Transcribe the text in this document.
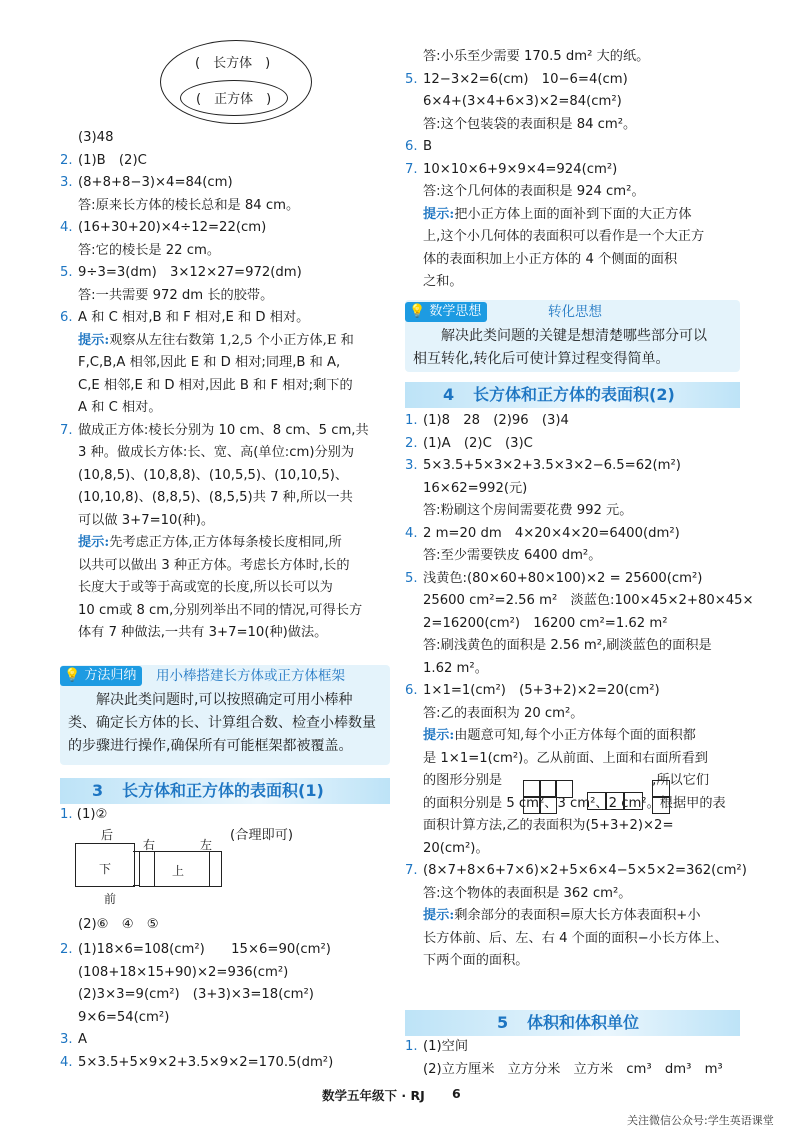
(　长方体　)
(　正方体　)
(3)48
2. (1)B　(2)C
3. (8+8+8−3)×4=84(cm)
答:原来长方体的棱长总和是 84 cm。
4. (16+30+20)×4÷12=22(cm)
答:它的棱长是 22 cm。
5. 9÷3=3(dm)　3×12×27=972(dm)
答:一共需要 972 dm 长的胶带。
6. A 和 C 相对,B 和 F 相对,E 和 D 相对。
提示:观察从左往右数第 1,2,5 个小正方体,E 和
F,C,B,A 相邻,因此 E 和 D 相对;同理,B 和 A,
C,E 相邻,E 和 D 相对,因此 B 和 F 相对;剩下的
A 和 C 相对。
7. 做成正方体:棱长分别为 10 cm、8 cm、5 cm,共
3 种。做成长方体:长、宽、高(单位:cm)分别为
(10,8,5)、(10,8,8)、(10,5,5)、(10,10,5)、
(10,10,8)、(8,8,5)、(8,5,5)共 7 种,所以一共
可以做 3+7=10(种)。
提示:先考虑正方体,正方体每条棱长度相同,所
以共可以做出 3 种正方体。考虑长方体时,长的
长度大于或等于高或宽的长度,所以长可以为
10 cm或 8 cm,分别列举出不同的情况,可得长方
体有 7 种做法,一共有 3+7=10(种)做法。
💡 方法归纳	用小棒搭建长方体或正方体框架
解决此类问题时,可以按照确定可用小棒种
类、确定长方体的长、计算组合数、检查小棒数量
的步骤进行操作,确保所有可能框架都被覆盖。
3 长方体和正方体的表面积(1)
1. (1)②
后
右	左
下	上
前
(合理即可)
(2)⑥　④　⑤
2. (1)18×6=108(cm²)　　15×6=90(cm²)
(108+18×15+90)×2=936(cm²)
(2)3×3=9(cm²)　(3+3)×3=18(cm²)
9×6=54(cm²)
3. A
4. 5×3.5+5×9×2+3.5×9×2=170.5(dm²)
答:小乐至少需要 170.5 dm² 大的纸。
5. 12−3×2=6(cm)　10−6=4(cm)
6×4+(3×4+6×3)×2=84(cm²)
答:这个包装袋的表面积是 84 cm²。
6. B
7. 10×10×6+9×9×4=924(cm²)
答:这个几何体的表面积是 924 cm²。
提示:把小正方体上面的面补到下面的大正方体
上,这个小几何体的表面积可以看作是一个大正方
体的表面积加上小正方体的 4 个侧面的面积
之和。
💡 数学思想	转化思想
解决此类问题的关键是想清楚哪些部分可以
相互转化,转化后可使计算过程变得简单。
4 长方体和正方体的表面积(2)
1. (1)8　28　(2)96　(3)4
2. (1)A　(2)C　(3)C
3. 5×3.5+5×3×2+3.5×3×2−6.5=62(m²)
16×62=992(元)
答:粉刷这个房间需要花费 992 元。
4. 2 m=20 dm　4×20×4×20=6400(dm²)
答:至少需要铁皮 6400 dm²。
5. 浅黄色:(80×60+80×100)×2 = 25600(cm²)
25600 cm²=2.56 m²　淡蓝色:100×45×2+80×45×
2=16200(cm²)　16200 cm²=1.62 m²
答:刷浅黄色的面积是 2.56 m²,刷淡蓝色的面积是
1.62 m²。
6. 1×1=1(cm²)　(5+3+2)×2=20(cm²)
答:乙的表面积为 20 cm²。
提示:由题意可知,每个小正方体每个面的面积都
是 1×1=1(cm²)。乙从前面、上面和右面所看到
的图形分别是	,所以它们
的面积分别是 5 cm²、3 cm²、2 cm²。根据甲的表
面积计算方法,乙的表面积为(5+3+2)×2=
20(cm²)。
7. (8×7+8×6+7×6)×2+5×6×4−5×5×2=362(cm²)
答:这个物体的表面积是 362 cm²。
提示:剩余部分的表面积=原大长方体表面积+小
长方体前、后、左、右 4 个面的面积−小长方体上、
下两个面的面积。
5 体积和体积单位
1. (1)空间
(2)立方厘米　立方分米　立方米　cm³　dm³　m³
数学五年级下 · RJ 6
关注微信公众号:学生英语课堂
